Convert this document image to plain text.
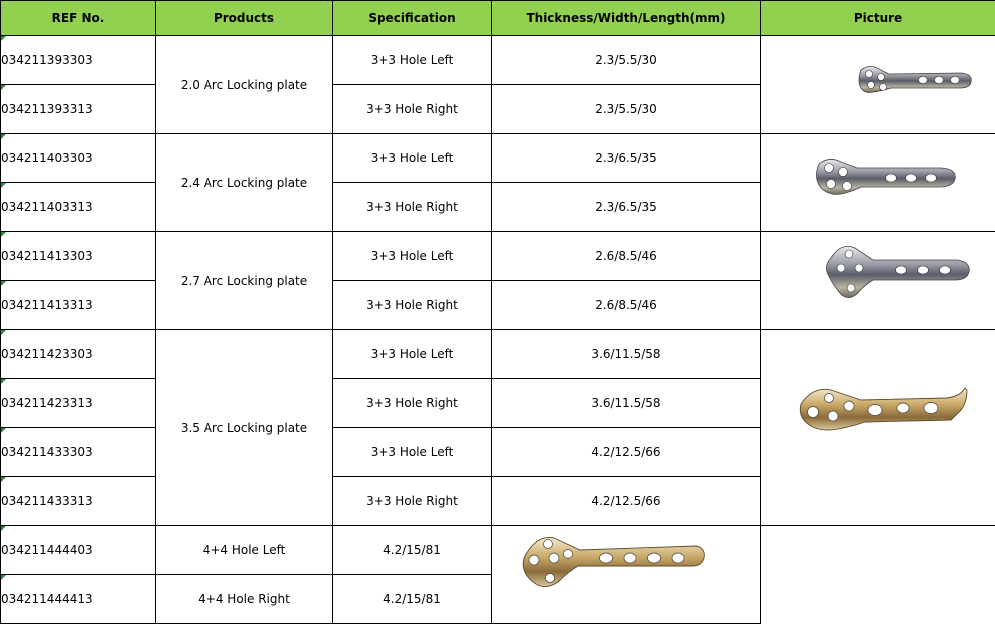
REF No.	Products	Specification	Thickness/Width/Length(mm)	Picture
034211393303	2.0 Arc Locking plate	3+3 Hole Left	2.3/5.5/30	

034211393313		3+3 Hole Right	2.3/5.5/30	
034211403303	2.4 Arc Locking plate	3+3 Hole Left	2.3/6.5/35	

034211403313		3+3 Hole Right	2.3/6.5/35	
034211413303	2.7 Arc Locking plate	3+3 Hole Left	2.6/8.5/46	

034211413313		3+3 Hole Right	2.6/8.5/46	
034211423303	3.5 Arc Locking plate	3+3 Hole Left	3.6/11.5/58	

034211423313		3+3 Hole Right	3.6/11.5/58	
034211433303		3+3 Hole Left	4.2/12.5/66	
034211433313		3+3 Hole Right	4.2/12.5/66	
034211444403	4+4 Hole Left	4.2/15/81	

034211444413	4+4 Hole Right	4.2/15/81		
